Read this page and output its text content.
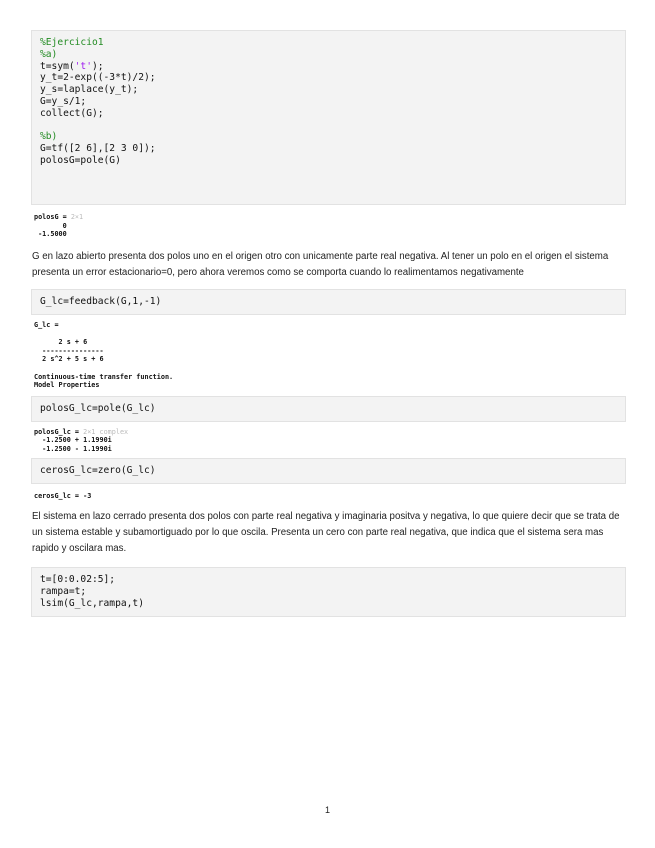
%Ejercicio1
%a)
t=sym('t');
y_t=2-exp((-3*t)/2);
y_s=laplace(y_t);
G=y_s/1;
collect(G);

%b)
G=tf([2 6],[2 3 0]);
polosG=pole(G)
polosG = 2×1
0
-1.5000
G en lazo abierto presenta dos polos uno en el origen otro con unicamente parte real negativa. Al tener un polo en el origen el sistema presenta un error estacionario=0, pero ahora veremos como se comporta cuando lo realimentamos negativamente
G_lc=feedback(G,1,-1)
G_lc =

2 s + 6
---------------
2 s^2 + 5 s + 6

Continuous-time transfer function.
Model Properties
polosG_lc=pole(G_lc)
polosG_lc = 2×1 complex
-1.2500 + 1.1990i
-1.2500 - 1.1990i
cerosG_lc=zero(G_lc)
cerosG_lc = -3
El sistema en lazo cerrado presenta dos polos con parte real negativa y imaginaria positva y negativa, lo que quiere decir que se trata de un sistema estable y subamortiguado por lo que oscila. Presenta un cero con parte real negativa, que indica que el sistema sera mas rapido y oscilara mas.
t=[0:0.02:5];
rampa=t;
lsim(G_lc,rampa,t)
1
